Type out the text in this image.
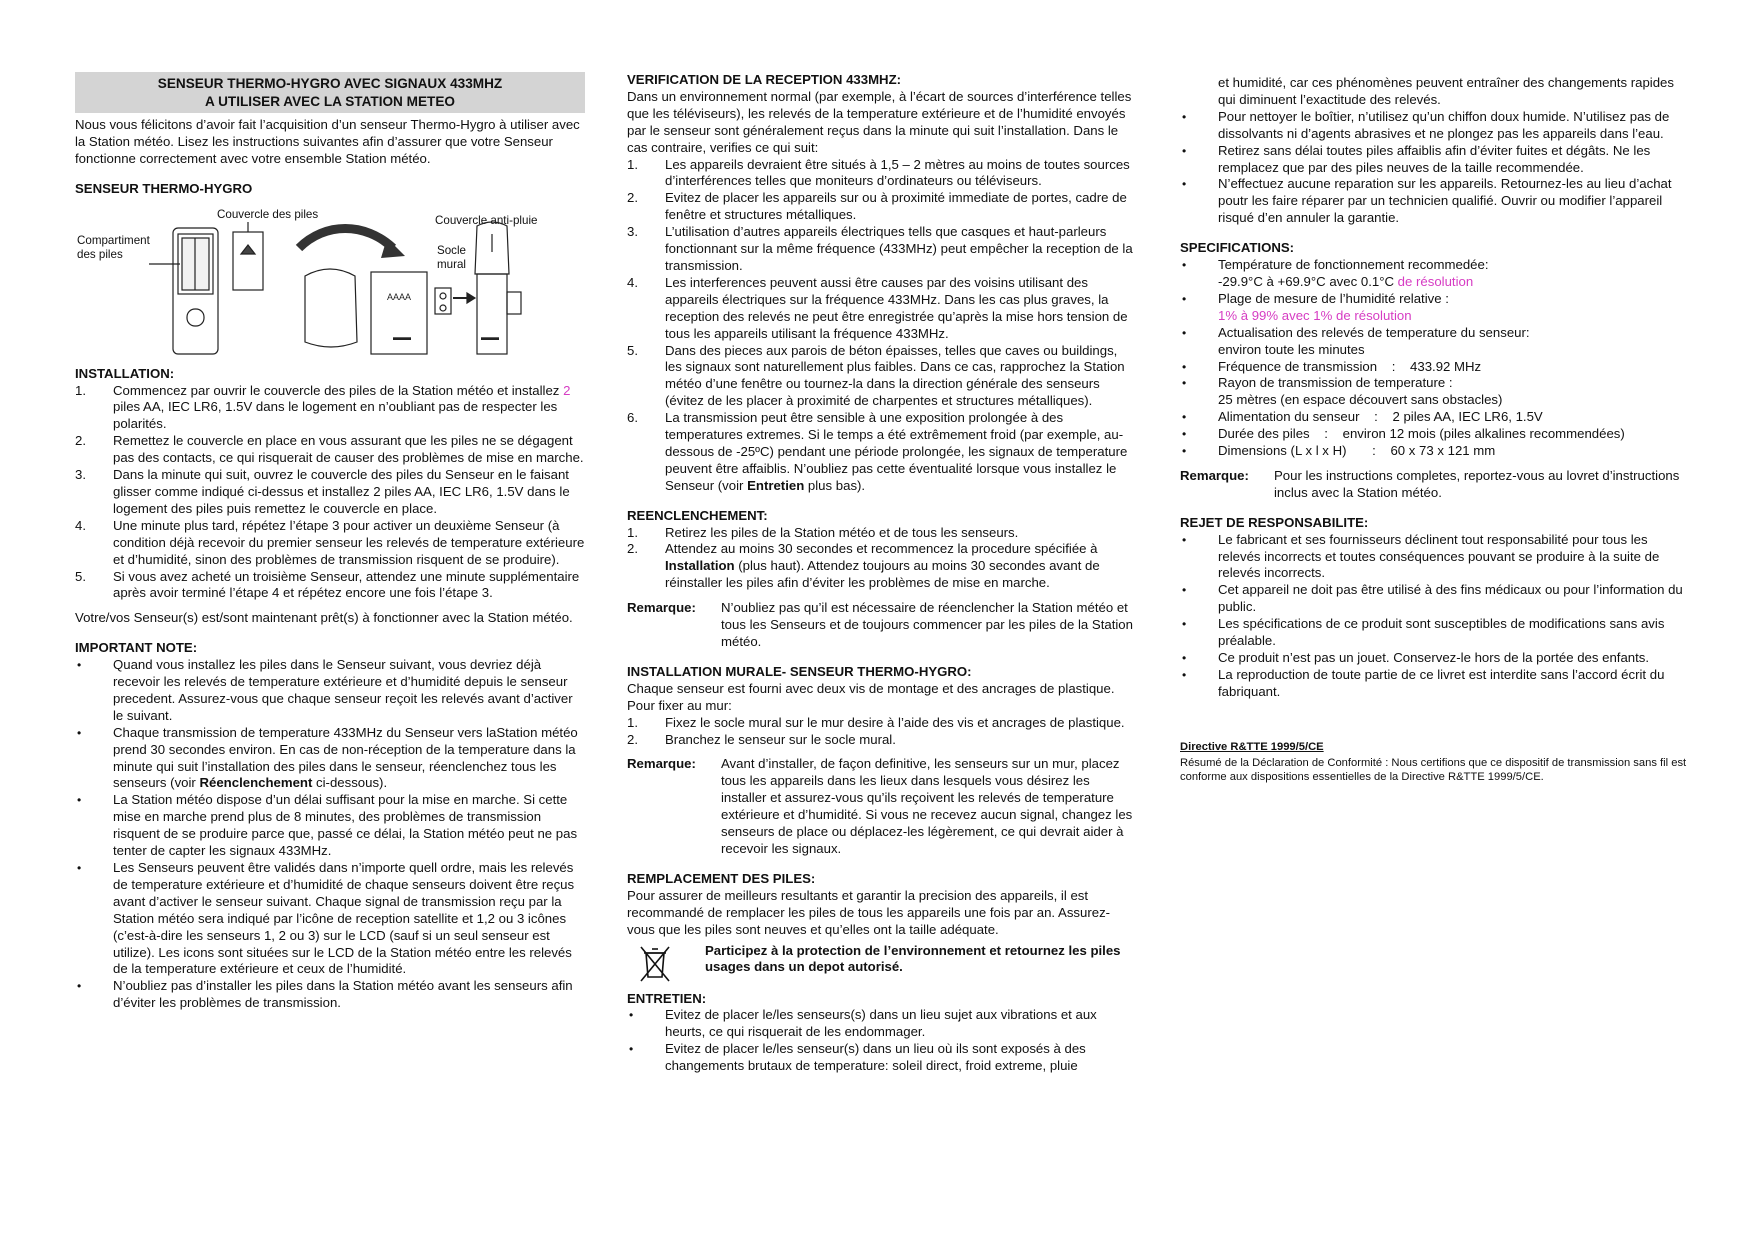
SENSEUR THERMO-HYGRO AVEC SIGNAUX 433MHZ
A UTILISER AVEC LA STATION METEO

Nous vous félicitons d’avoir fait l’acquisition d’un senseur Thermo-Hygro à utiliser avec la Station météo. Lisez les instructions suivantes afin d’assurer que votre Senseur fonctionne correctement avec votre ensemble Station météo.

SENSEUR THERMO-HYGRO

Compartiment des piles
Couvercle des piles	Couvercle anti-pluie
Socle mural
AAAA
▬▬	▬▬

INSTALLATION:

1. Commencez par ouvrir le couvercle des piles de la Station météo et installez 2 piles AA, IEC LR6, 1.5V dans le logement en n’oubliant pas de respecter les polarités.
2. Remettez le couvercle en place en vous assurant que les piles ne se dégagent pas des contacts, ce qui risquerait de causer des problèmes de mise en marche.
3. Dans la minute qui suit, ouvrez le couvercle des piles du Senseur en le faisant glisser comme indiqué ci-dessus et installez 2 piles AA, IEC LR6, 1.5V dans le logement des piles puis remettez le couvercle en place.
4. Une minute plus tard, répétez l’étape 3 pour activer un deuxième Senseur (à condition déjà recevoir du premier senseur les relevés de temperature extérieure et d’humidité, sinon des problèmes de transmission risquent de se produire).
5. Si vous avez acheté un troisième Senseur, attendez une minute supplémentaire après avoir terminé l’étape 4 et répétez encore une fois l’étape 3.

Votre/vos Senseur(s) est/sont maintenant prêt(s) à fonctionner avec la Station météo.

IMPORTANT NOTE:

• Quand vous installez les piles dans le Senseur suivant, vous devriez déjà recevoir les relevés de temperature extérieure et d’humidité depuis le senseur precedent. Assurez-vous que chaque senseur reçoit les relevés avant d’activer le suivant.
• Chaque transmission de temperature 433MHz du Senseur vers laStation météo prend 30 secondes environ. En cas de non-réception de la temperature dans la minute qui suit l’installation des piles dans le senseur, réenclenchez tous les senseurs (voir Réenclenchement ci-dessous).
• La Station météo dispose d’un délai suffisant pour la mise en marche. Si cette mise en marche prend plus de 8 minutes, des problèmes de transmission risquent de se produire parce que, passé ce délai, la Station météo peut ne pas tenter de capter les signaux 433MHz.
• Les Senseurs peuvent être validés dans n’importe quell ordre, mais les relevés de temperature extérieure et d’humidité de chaque senseurs doivent être reçus avant d’activer le senseur suivant. Chaque signal de transmission reçu par la Station météo sera indiqué par l’icône de reception satellite et 1,2 ou 3 icônes (c’est-à-dire les senseurs 1, 2 ou 3) sur le LCD (sauf si un seul senseur est utilize). Les icons sont situées sur le LCD de la Station météo entre les relevés de la temperature extérieure et ceux de l’humidité.
• N’oubliez pas d’installer les piles dans la Station météo avant les senseurs afin d’éviter les problèmes de transmission.

VERIFICATION DE LA RECEPTION 433MHZ:

Dans un environnement normal (par exemple, à l’écart de sources d’interférence telles que les téléviseurs), les relevés de la temperature extérieure et de l’humidité envoyés par le senseur sont généralement reçus dans la minute qui suit l’installation. Dans le cas contraire, verifies ce qui suit:

1. Les appareils devraient être situés à 1,5 – 2 mètres au moins de toutes sources d’interférences telles que moniteurs d’ordinateurs ou téléviseurs.
2. Evitez de placer les appareils sur ou à proximité immediate de portes, cadre de fenêtre et structures métalliques.
3. L’utilisation d’autres appareils électriques tells que casques et haut-parleurs fonctionnant sur la même fréquence (433MHz) peut empêcher la reception de la transmission.
4. Les interferences peuvent aussi être causes par des voisins utilisant des appareils électriques sur la fréquence 433MHz. Dans les cas plus graves, la reception des relevés ne peut être enregistrée qu’après la mise hors tension de tous les appareils utilisant la fréquence 433MHz.
5. Dans des pieces aux parois de béton épaisses, telles que caves ou buildings, les signaux sont naturellement plus faibles. Dans ce cas, rapprochez la Station météo d’une fenêtre ou tournez-la dans la direction générale des senseurs (évitez de les placer à proximité de charpentes et structures métalliques).
6. La transmission peut être sensible à une exposition prolongée à des temperatures extremes. Si le temps a été extrêmement froid (par exemple, au-dessous de -25ºC) pendant une période prolongée, les signaux de temperature peuvent être affaiblis. N’oubliez pas cette éventualité lorsque vous installez le Senseur (voir Entretien plus bas).

REENCLENCHEMENT:

1. Retirez les piles de la Station météo et de tous les senseurs.
2. Attendez au moins 30 secondes et recommencez la procedure spécifiée à Installation (plus haut). Attendez toujours au moins 30 secondes avant de réinstaller les piles afin d’éviter les problèmes de mise en marche.
Remarque:	N’oubliez pas qu’il est nécessaire de réenclencher la Station météo et tous les Senseurs et de toujours commencer par les piles de la Station météo.

INSTALLATION MURALE- SENSEUR THERMO-HYGRO:

Chaque senseur est fourni avec deux vis de montage et des ancrages de plastique. Pour fixer au mur:

1. Fixez le socle mural sur le mur desire à l’aide des vis et ancrages de plastique.
2. Branchez le senseur sur le socle mural.
Remarque:	Avant d’installer, de façon definitive, les senseurs sur un mur, placez tous les appareils dans les lieux dans lesquels vous désirez les installer et assurez-vous qu’ils reçoivent les relevés de temperature extérieure et d’humidité. Si vous ne recevez aucun signal, changez les senseurs de place ou déplacez-les légèrement, ce qui devrait aider à recevoir les signaux.

REMPLACEMENT DES PILES:

Pour assurer de meilleurs resultants et garantir la precision des appareils, il est recommandé de remplacer les piles de tous les appareils une fois par an. Assurez-vous que les piles sont neuves et qu’elles ont la taille adéquate.

Participez à la protection de l’environnement et retournez les piles usages dans un depot autorisé.

ENTRETIEN:

• Evitez de placer le/les senseurs(s) dans un lieu sujet aux vibrations et aux heurts, ce qui risquerait de les endommager.
• Evitez de placer le/les senseur(s) dans un lieu où ils sont exposés à des changements brutaux de temperature: soleil direct, froid extreme, pluie
et humidité, car ces phénomènes peuvent entraîner des changements rapides qui diminuent l’exactitude des relevés.
• Pour nettoyer le boîtier, n’utilisez qu’un chiffon doux humide. N’utilisez pas de dissolvants ni d’agents abrasives et ne plongez pas les appareils dans l’eau.
• Retirez sans délai toutes piles affaiblis afin d’éviter fuites et dégâts. Ne les remplacez que par des piles neuves de la taille recommendée.
• N’effectuez aucune reparation sur les appareils. Retournez-les au lieu d’achat poutr les faire réparer par un technicien qualifié. Ouvrir ou modifier l’appareil risqué d’en annuler la garantie.

SPECIFICATIONS:

• Température de fonctionnement recommedée:
-29.9°C à +69.9°C avec 0.1°C de résolution
• Plage de mesure de l’humidité relative :
1% à 99% avec 1% de résolution
• Actualisation des relevés de temperature du senseur:
environ toute les minutes
• Fréquence de transmission    :    433.92 MHz
• Rayon de transmission de temperature :
25 mètres (en espace découvert sans obstacles)
• Alimentation du senseur    :    2 piles AA, IEC LR6, 1.5V
• Durée des piles    :    environ 12 mois (piles alkalines recommendées)
• Dimensions (L x l x H)       :    60 x 73 x 121 mm
Remarque:	Pour les instructions completes, reportez-vous au lovret d’instructions inclus avec la Station météo.

REJET DE RESPONSABILITE:

• Le fabricant et ses fournisseurs déclinent tout responsabilité pour tous les relevés incorrects et toutes conséquences pouvant se produire à la suite de relevés incorrects.
• Cet appareil ne doit pas être utilisé à des fins médicaux ou pour l’information du public.
• Les spécifications de ce produit sont susceptibles de modifications sans avis préalable.
• Ce produit n’est pas un jouet. Conservez-le hors de la portée des enfants.
• La reproduction de toute partie de ce livret est interdite sans l’accord écrit du fabriquant.

Directive R&TTE 1999/5/CE

Résumé de la Déclaration de Conformité : Nous certifions que ce dispositif de transmission sans fil est conforme aux dispositions essentielles de la Directive R&TTE 1999/5/CE.
